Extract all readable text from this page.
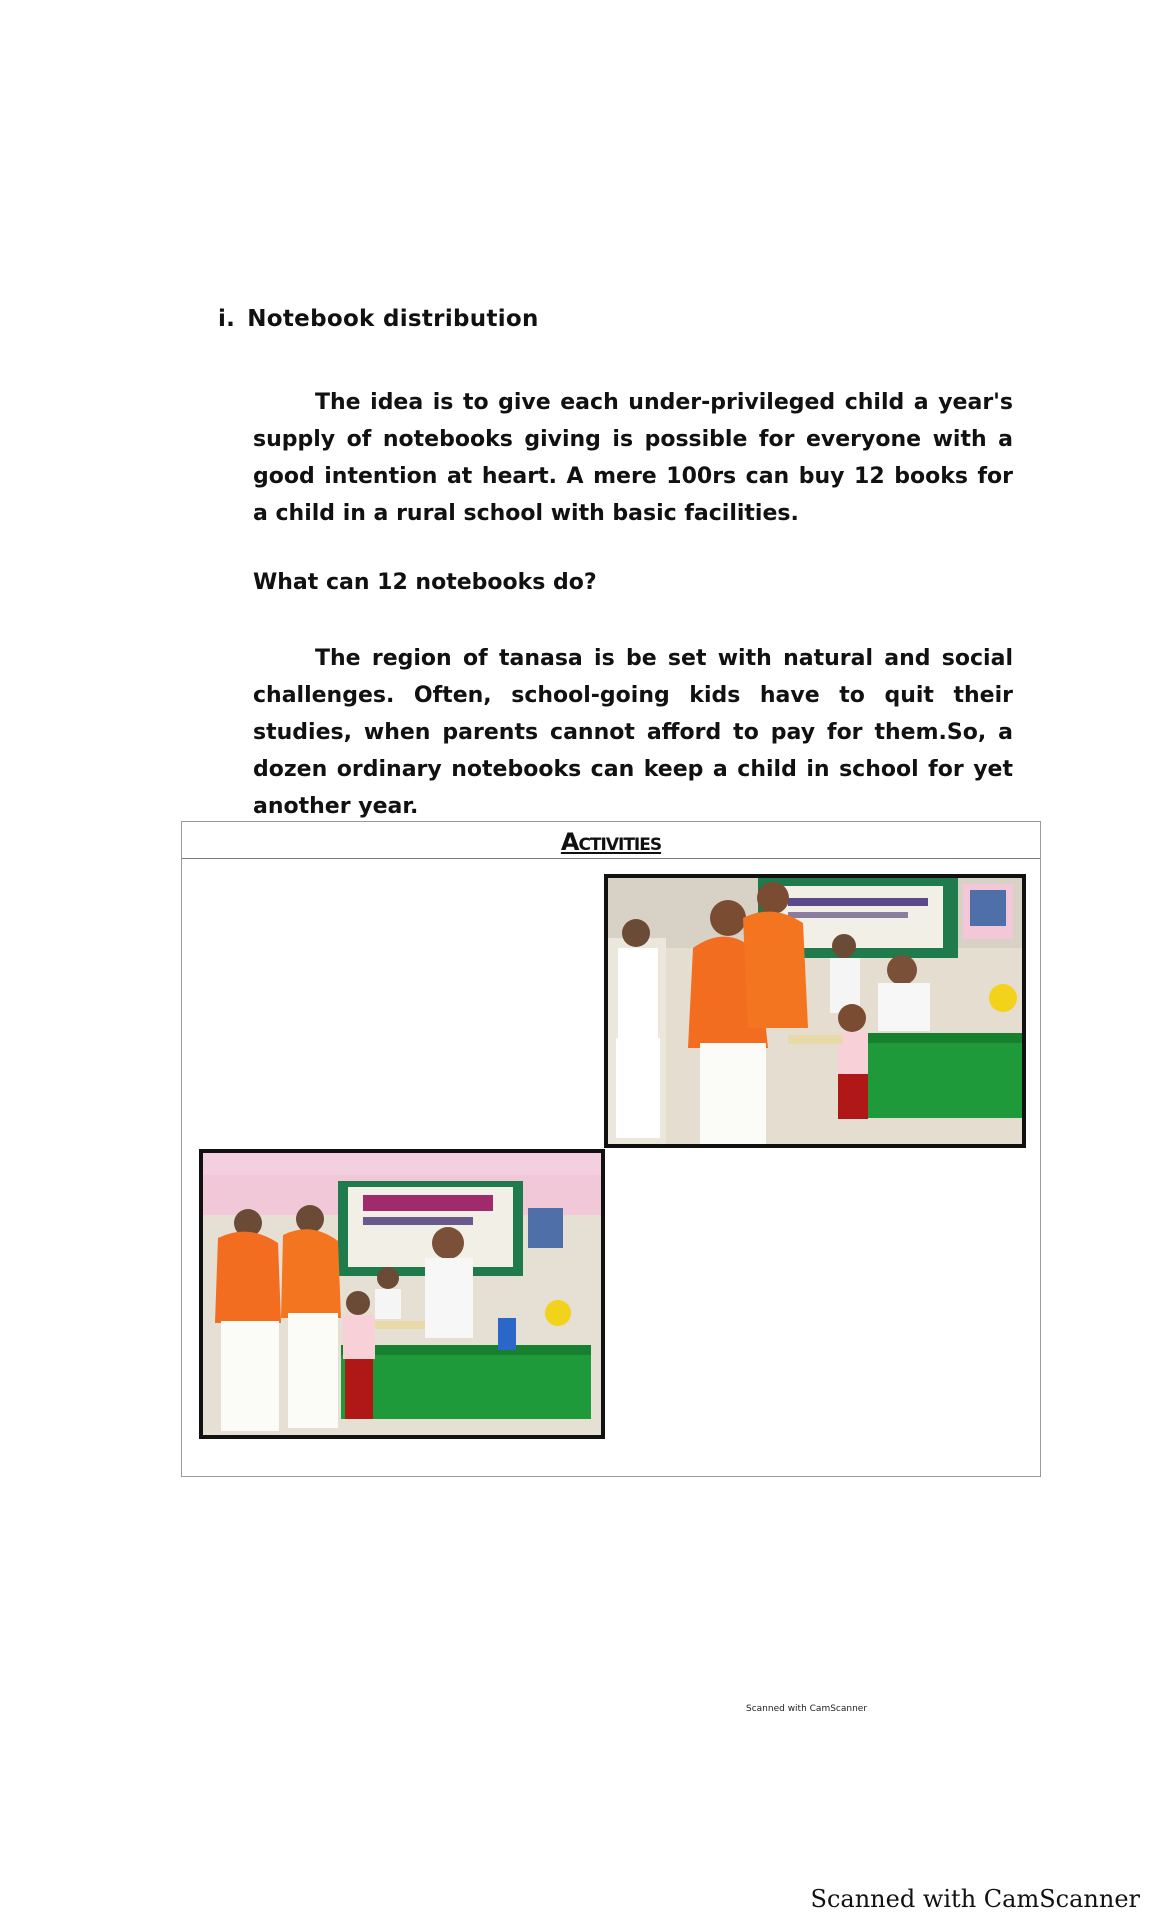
i. Notebook distribution
The idea is to give each under-privileged child a year's supply of notebooks giving is possible for everyone with a good intention at heart. A mere 100rs can buy 12 books for a child in a rural school with basic facilities.
What can 12 notebooks do?
The region of tanasa is be set with natural and social challenges. Often, school-going kids have to quit their studies, when parents cannot afford to pay for them.So, a dozen ordinary notebooks can keep a child in school for yet another year.
Activities
Scanned with CamScanner
Scanned with CamScanner
